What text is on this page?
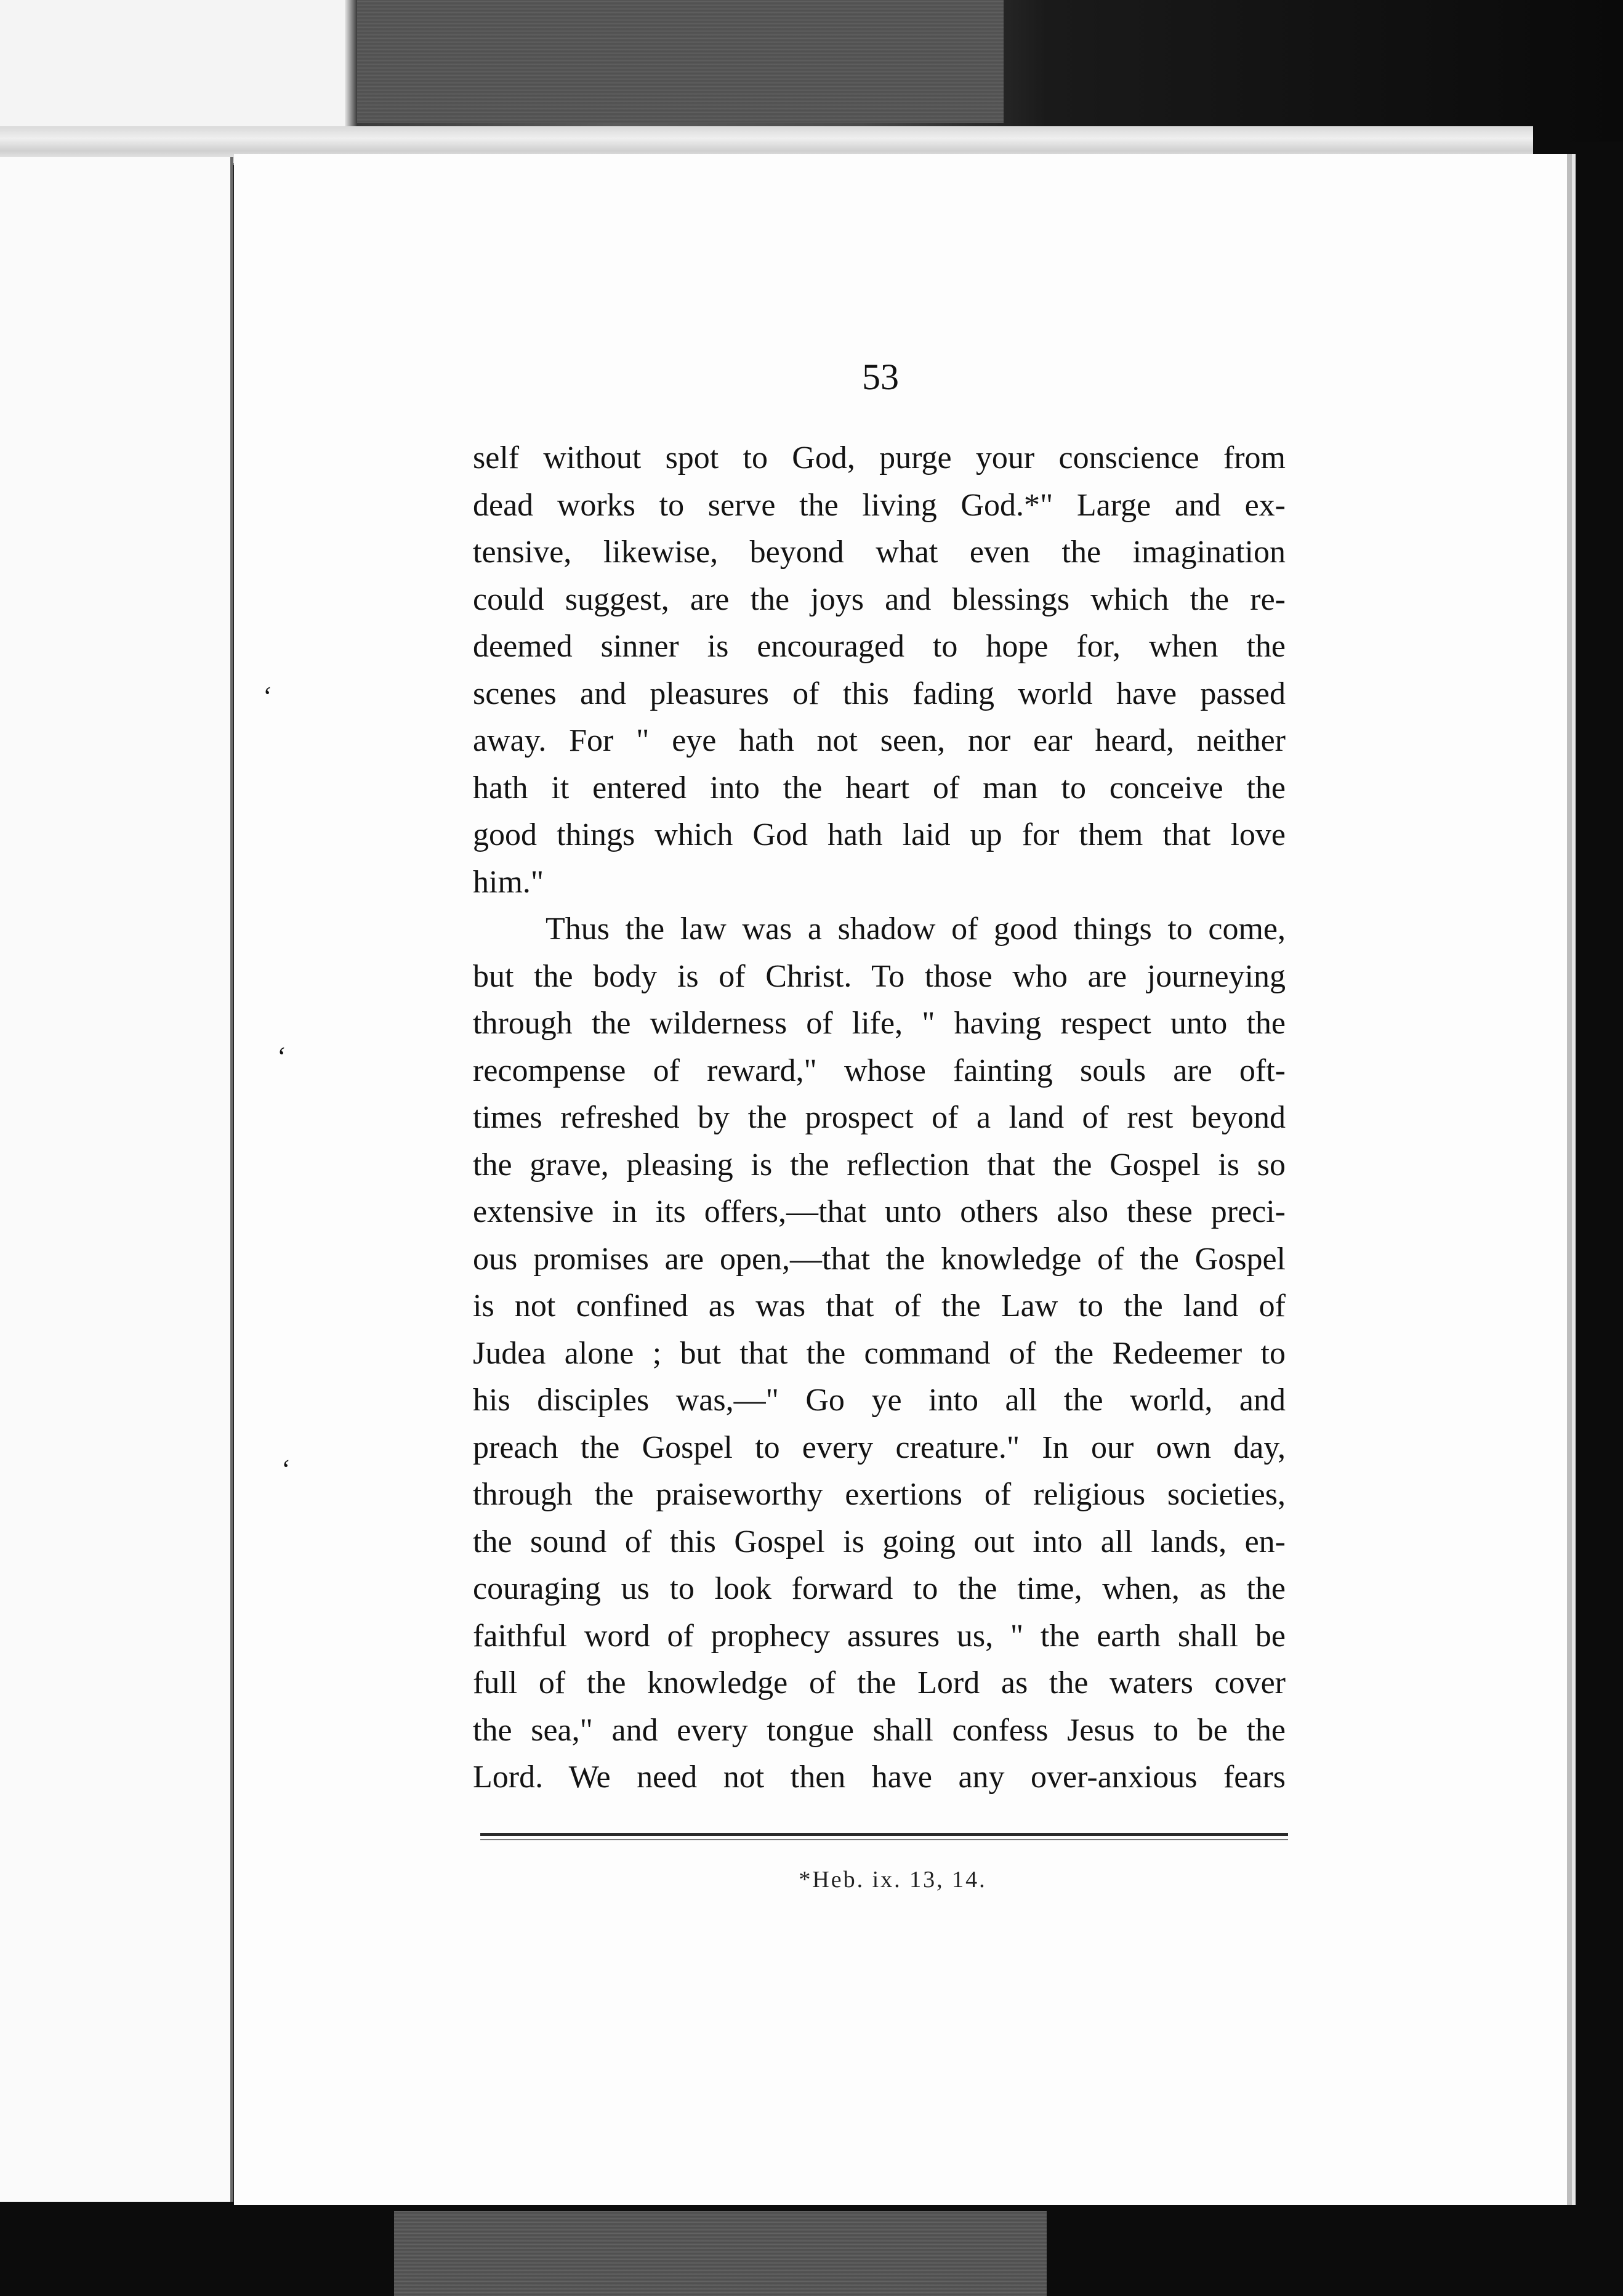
ʻ
ʻ
ʻ
53
self without spot to God, purge your conscience from
dead works to serve the living God.*" Large and ex-
tensive, likewise, beyond what even the imagination
could suggest, are the joys and blessings which the re-
deemed sinner is encouraged to hope for, when the
scenes and pleasures of this fading world have passed
away. For " eye hath not seen, nor ear heard, neither
hath it entered into the heart of man to conceive the
good things which God hath laid up for them that love
him."
Thus the law was a shadow of good things to come,
but the body is of Christ. To those who are journeying
through the wilderness of life, " having respect unto the
recompense of reward," whose fainting souls are oft-
times refreshed by the prospect of a land of rest beyond
the grave, pleasing is the reflection that the Gospel is so
extensive in its offers,—that unto others also these preci-
ous promises are open,—that the knowledge of the Gospel
is not confined as was that of the Law to the land of
Judea alone ; but that the command of the Redeemer to
his disciples was,—" Go ye into all the world, and
preach the Gospel to every creature." In our own day,
through the praiseworthy exertions of religious societies,
the sound of this Gospel is going out into all lands, en-
couraging us to look forward to the time, when, as the
faithful word of prophecy assures us, " the earth shall be
full of the knowledge of the Lord as the waters cover
the sea," and every tongue shall confess Jesus to be the
Lord. We need not then have any over-anxious fears
*Heb. ix. 13, 14.
